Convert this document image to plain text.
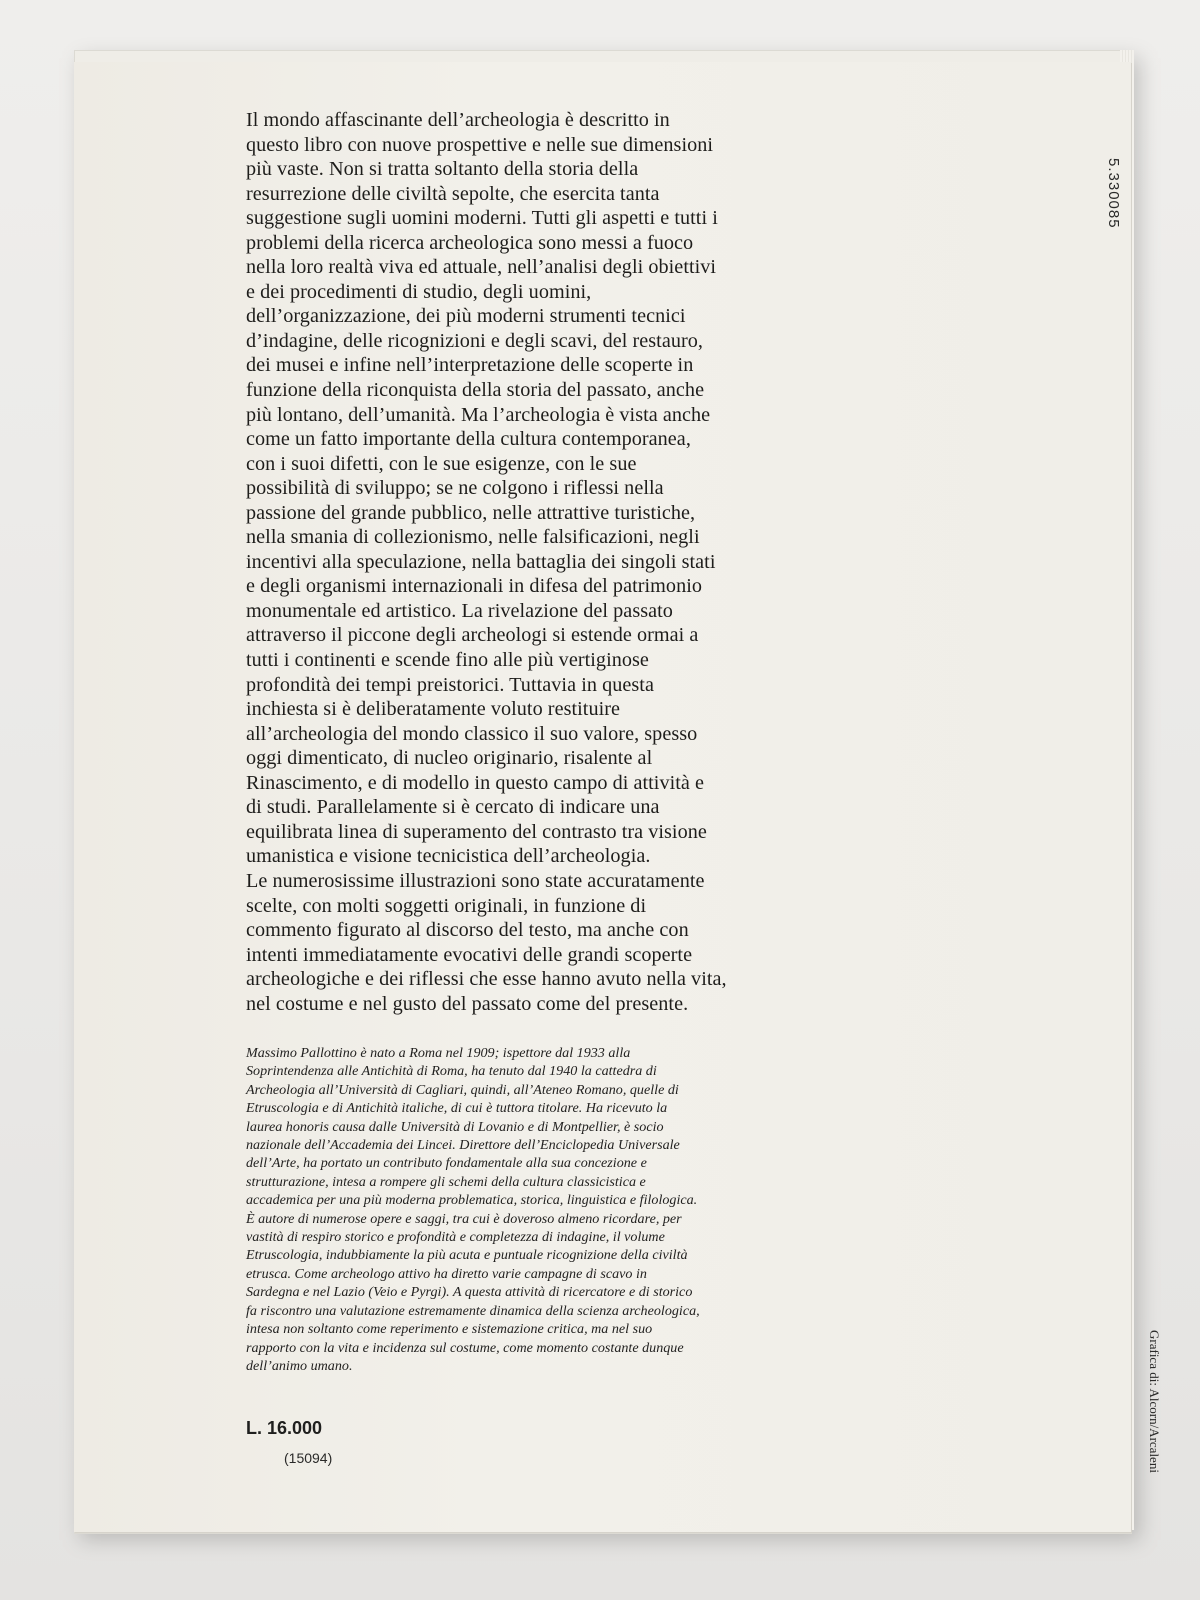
Il mondo affascinante dell’archeologia è descritto in
questo libro con nuove prospettive e nelle sue dimensioni
più vaste. Non si tratta soltanto della storia della
resurrezione delle civiltà sepolte, che esercita tanta
suggestione sugli uomini moderni. Tutti gli aspetti e tutti i
problemi della ricerca archeologica sono messi a fuoco
nella loro realtà viva ed attuale, nell’analisi degli obiettivi
e dei procedimenti di studio, degli uomini,
dell’organizzazione, dei più moderni strumenti tecnici
d’indagine, delle ricognizioni e degli scavi, del restauro,
dei musei e infine nell’interpretazione delle scoperte in
funzione della riconquista della storia del passato, anche
più lontano, dell’umanità. Ma l’archeologia è vista anche
come un fatto importante della cultura contemporanea,
con i suoi difetti, con le sue esigenze, con le sue
possibilità di sviluppo; se ne colgono i riflessi nella
passione del grande pubblico, nelle attrattive turistiche,
nella smania di collezionismo, nelle falsificazioni, negli
incentivi alla speculazione, nella battaglia dei singoli stati
e degli organismi internazionali in difesa del patrimonio
monumentale ed artistico. La rivelazione del passato
attraverso il piccone degli archeologi si estende ormai a
tutti i continenti e scende fino alle più vertiginose
profondità dei tempi preistorici. Tuttavia in questa
inchiesta si è deliberatamente voluto restituire
all’archeologia del mondo classico il suo valore, spesso
oggi dimenticato, di nucleo originario, risalente al
Rinascimento, e di modello in questo campo di attività e
di studi. Parallelamente si è cercato di indicare una
equilibrata linea di superamento del contrasto tra visione
umanistica e visione tecnicistica dell’archeologia.
Le numerosissime illustrazioni sono state accuratamente
scelte, con molti soggetti originali, in funzione di
commento figurato al discorso del testo, ma anche con
intenti immediatamente evocativi delle grandi scoperte
archeologiche e dei riflessi che esse hanno avuto nella vita,
nel costume e nel gusto del passato come del presente.

Massimo Pallottino è nato a Roma nel 1909; ispettore dal 1933 alla
Soprintendenza alle Antichità di Roma, ha tenuto dal 1940 la cattedra di
Archeologia all’Università di Cagliari, quindi, all’Ateneo Romano, quelle di
Etruscologia e di Antichità italiche, di cui è tuttora titolare. Ha ricevuto la
laurea honoris causa dalle Università di Lovanio e di Montpellier, è socio
nazionale dell’Accademia dei Lincei. Direttore dell’Enciclopedia Universale
dell’Arte, ha portato un contributo fondamentale alla sua concezione e
strutturazione, intesa a rompere gli schemi della cultura classicistica e
accademica per una più moderna problematica, storica, linguistica e filologica.
È autore di numerose opere e saggi, tra cui è doveroso almeno ricordare, per
vastità di respiro storico e profondità e completezza di indagine, il volume
Etruscologia, indubbiamente la più acuta e puntuale ricognizione della civiltà
etrusca. Come archeologo attivo ha diretto varie campagne di scavo in
Sardegna e nel Lazio (Veio e Pyrgi). A questa attività di ricercatore e di storico
fa riscontro una valutazione estremamente dinamica della scienza archeologica,
intesa non soltanto come reperimento e sistemazione critica, ma nel suo
rapporto con la vita e incidenza sul costume, come momento costante dunque
dell’animo umano.

L. 16.000

(15094)

5.330085

Grafica di: Alcorn/Arcaleni
